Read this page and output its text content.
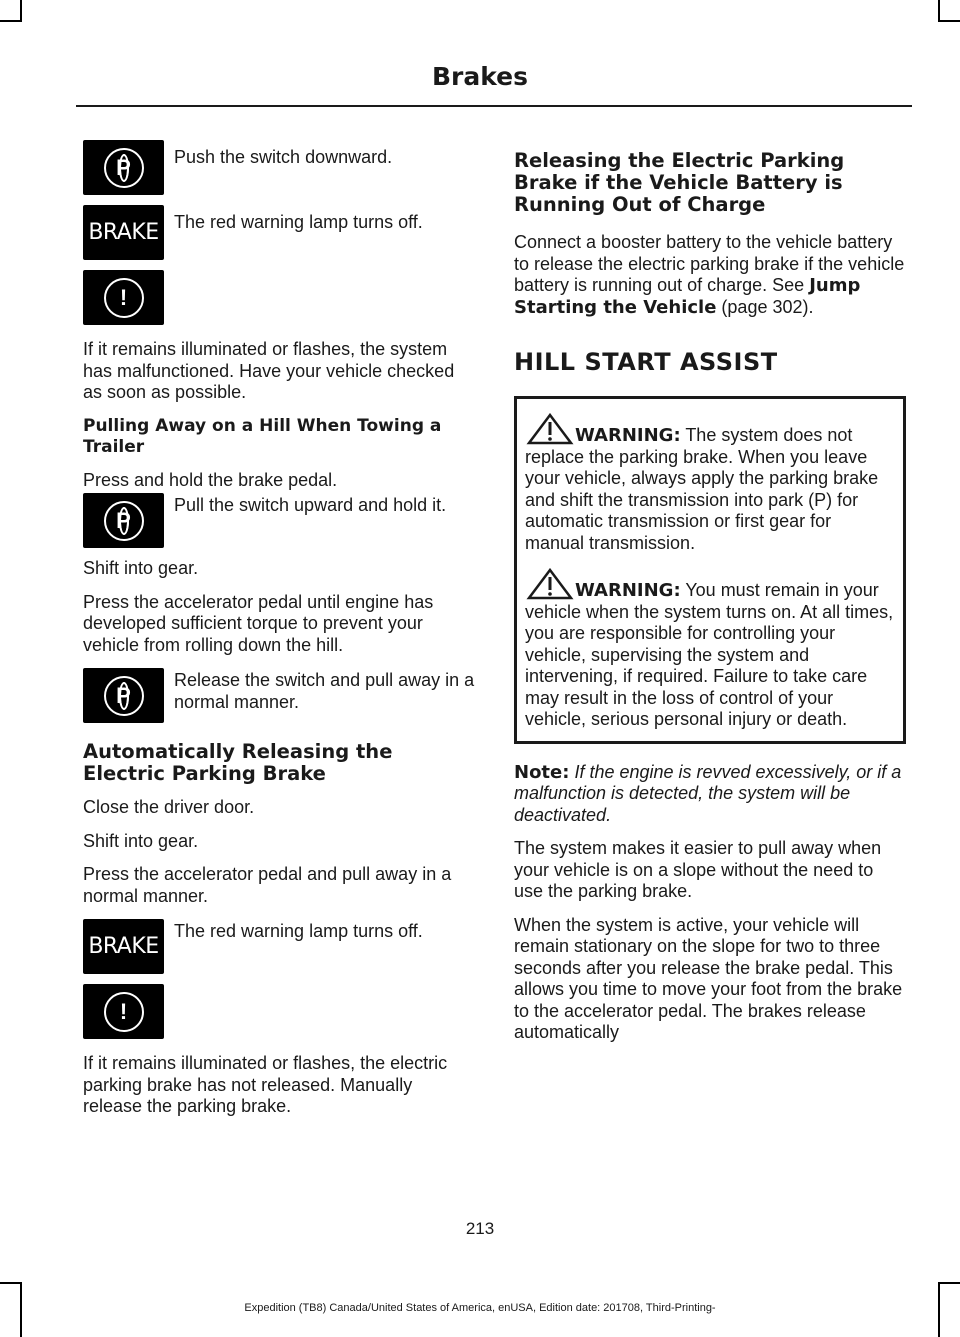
Brakes
P	Push the switch downward.

BRAKE The red warning lamp turns off.

!

If it remains illuminated or flashes, the system has malfunctioned. Have your vehicle checked as soon as possible.

Pulling Away on a Hill When Towing a Trailer

Press and hold the brake pedal.

P

Pull the switch upward and hold it.

Shift into gear.

Press the accelerator pedal until engine has developed sufficient torque to prevent your vehicle from rolling down the hill.

P

Release the switch and pull away in a normal manner.

Automatically Releasing the Electric Parking Brake

Close the driver door.

Shift into gear.

Press the accelerator pedal and pull away in a normal manner.

BRAKE

The red warning lamp turns off.

!

If it remains illuminated or flashes, the electric parking brake has not released. Manually release the parking brake.

Releasing the Electric Parking Brake if the Vehicle Battery is Running Out of Charge

Connect a booster battery to the vehicle battery to release the electric parking brake if the vehicle battery is running out of charge. See Jump Starting the Vehicle (page 302).

HILL START ASSIST

WARNING: The system does not replace the parking brake. When you leave your vehicle, always apply the parking brake and shift the transmission into park (P) for automatic transmission or first gear for manual transmission.

WARNING: You must remain in your vehicle when the system turns on. At all times, you are responsible for controlling your vehicle, supervising the system and intervening, if required. Failure to take care may result in the loss of control of your vehicle, serious personal injury or death.

Note: If the engine is revved excessively, or if a malfunction is detected, the system will be deactivated.

The system makes it easier to pull away when your vehicle is on a slope without the need to use the parking brake.

When the system is active, your vehicle will remain stationary on the slope for two to three seconds after you release the brake pedal. This allows you time to move your foot from the brake to the accelerator pedal. The brakes release automatically

213
Expedition (TB8) Canada/United States of America, enUSA, Edition date: 201708, Third-Printing-
